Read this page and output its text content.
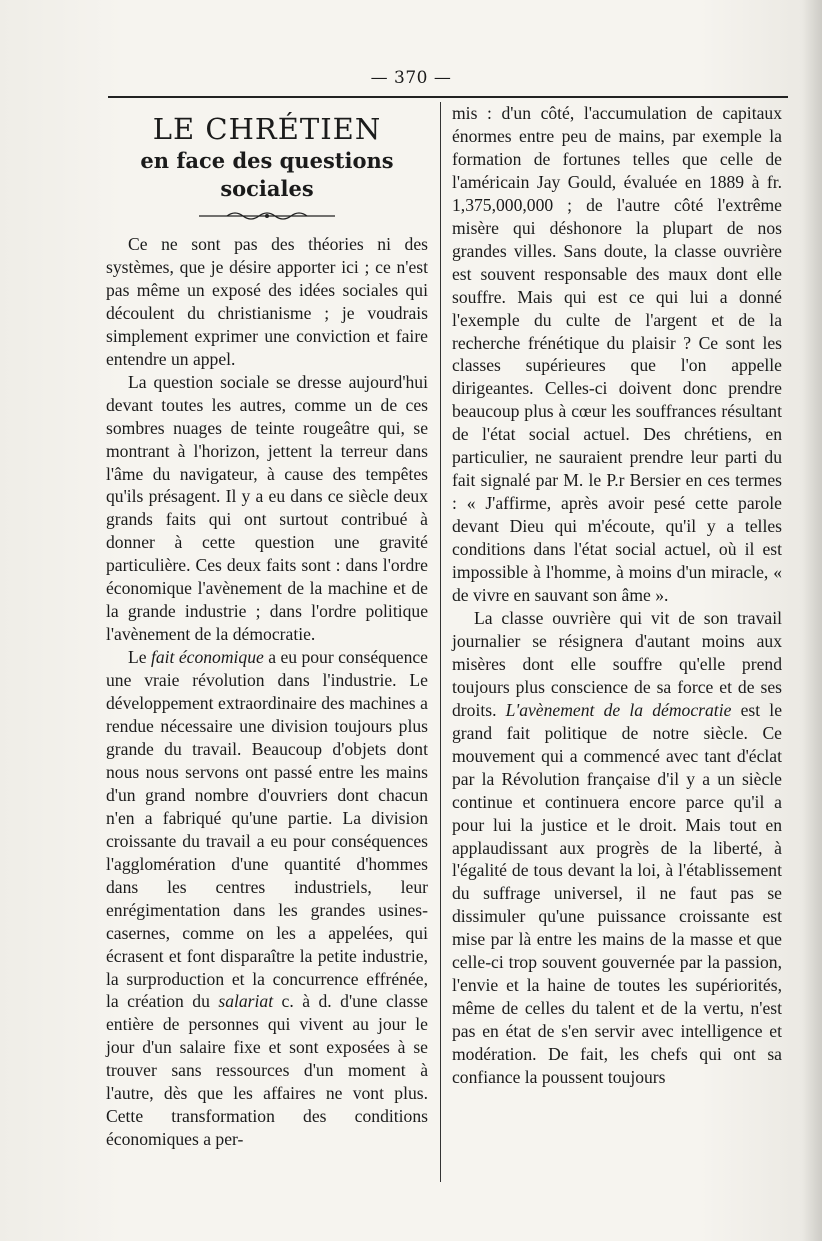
— 370 —
LE CHRÉTIEN
en face des questions sociales

Ce ne sont pas des théories ni des systèmes, que je désire apporter ici ; ce n'est pas même un exposé des idées sociales qui découlent du christianisme ; je voudrais simplement exprimer une conviction et faire entendre un appel.

La question sociale se dresse aujourd'hui devant toutes les autres, comme un de ces sombres nuages de teinte rougeâtre qui, se montrant à l'horizon, jettent la terreur dans l'âme du navigateur, à cause des tempêtes qu'ils présagent. Il y a eu dans ce siècle deux grands faits qui ont surtout contribué à donner à cette question une gravité particulière. Ces deux faits sont : dans l'ordre économique l'avènement de la machine et de la grande industrie ; dans l'ordre politique l'avènement de la démocratie.

Le fait économique a eu pour conséquence une vraie révolution dans l'industrie. Le développement extraordinaire des machines a rendue nécessaire une division toujours plus grande du travail. Beaucoup d'objets dont nous nous servons ont passé entre les mains d'un grand nombre d'ouvriers dont chacun n'en a fabriqué qu'une partie. La division croissante du travail a eu pour conséquences l'agglomération d'une quantité d'hommes dans les centres industriels, leur enrégimentation dans les grandes usines-casernes, comme on les a appelées, qui écrasent et font disparaître la petite industrie, la surproduction et la concurrence effrénée, la création du salariat c. à d. d'une classe entière de personnes qui vivent au jour le jour d'un salaire fixe et sont exposées à se trouver sans ressources d'un moment à l'autre, dès que les affaires ne vont plus. Cette transformation des conditions économiques a per-

mis : d'un côté, l'accumulation de capitaux énormes entre peu de mains, par exemple la formation de fortunes telles que celle de l'américain Jay Gould, évaluée en 1889 à fr. 1,375,000,000 ; de l'autre côté l'extrême misère qui déshonore la plupart de nos grandes villes. Sans doute, la classe ouvrière est souvent responsable des maux dont elle souffre. Mais qui est ce qui lui a donné l'exemple du culte de l'argent et de la recherche frénétique du plaisir ? Ce sont les classes supérieures que l'on appelle dirigeantes. Celles-ci doivent donc prendre beaucoup plus à cœur les souffrances résultant de l'état social actuel. Des chrétiens, en particulier, ne sauraient prendre leur parti du fait signalé par M. le P.r Bersier en ces termes : « J'affirme, après avoir pesé cette parole devant Dieu qui m'écoute, qu'il y a telles conditions dans l'état social actuel, où il est impossible à l'homme, à moins d'un miracle, « de vivre en sauvant son âme ».

La classe ouvrière qui vit de son travail journalier se résignera d'autant moins aux misères dont elle souffre qu'elle prend toujours plus conscience de sa force et de ses droits. L'avènement de la démocratie est le grand fait politique de notre siècle. Ce mouvement qui a commencé avec tant d'éclat par la Révolution française d'il y a un siècle continue et continuera encore parce qu'il a pour lui la justice et le droit. Mais tout en applaudissant aux progrès de la liberté, à l'égalité de tous devant la loi, à l'établissement du suffrage universel, il ne faut pas se dissimuler qu'une puissance croissante est mise par là entre les mains de la masse et que celle-ci trop souvent gouvernée par la passion, l'envie et la haine de toutes les supériorités, même de celles du talent et de la vertu, n'est pas en état de s'en servir avec intelligence et modération. De fait, les chefs qui ont sa confiance la poussent toujours
